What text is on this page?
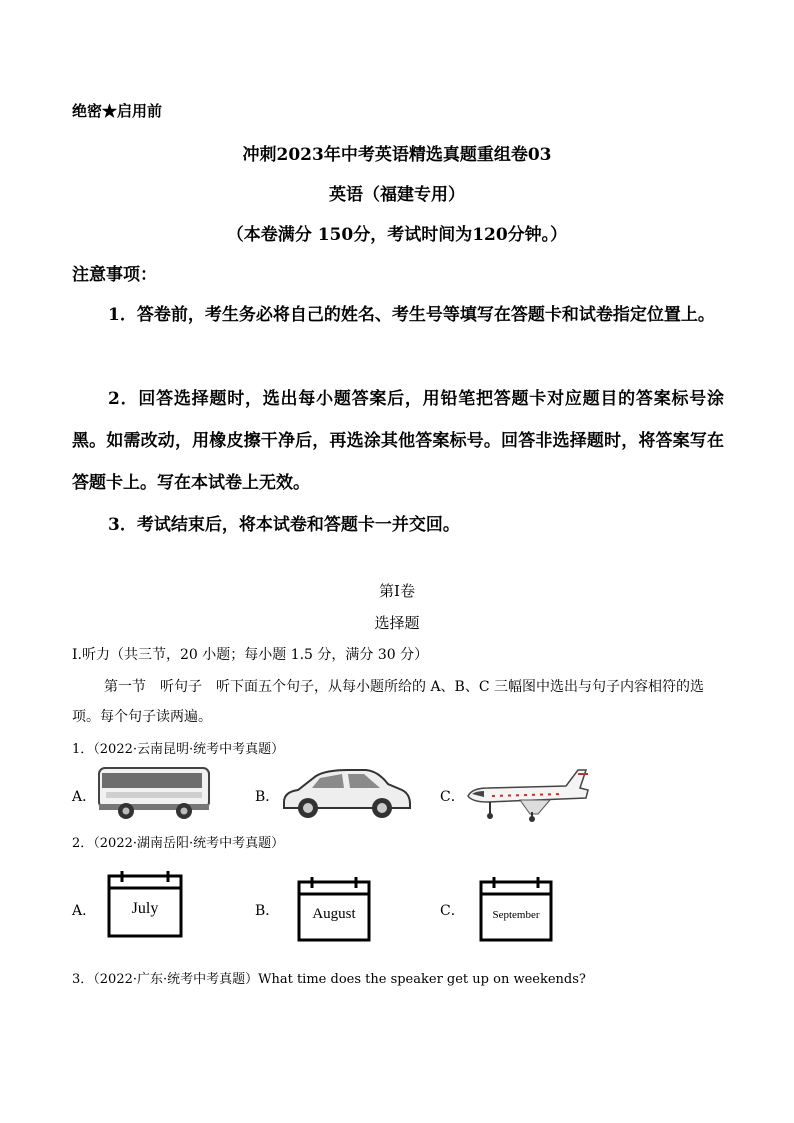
绝密★启用前
冲刺2023年中考英语精选真题重组卷03
英语（福建专用）
（本卷满分 150分，考试时间为120分钟。）
注意事项：
1．答卷前，考生务必将自己的姓名、考生号等填写在答题卡和试卷指定位置上。
2．回答选择题时，选出每小题答案后，用铅笔把答题卡对应题目的答案标号涂黑。如需改动，用橡皮擦干净后，再选涂其他答案标号。回答非选择题时，将答案写在答题卡上。写在本试卷上无效。
3．考试结束后，将本试卷和答题卡一并交回。
第Ⅰ卷
选择题
Ⅰ.听力（共三节，20 小题；每小题 1.5 分，满分 30 分）
第一节　听句子　听下面五个句子，从每小题所给的 A、B、C 三幅图中选出与句子内容相符的选项。每个句子读两遍。
1．（2022·云南昆明·统考中考真题）
A．	B．	C．
2．（2022·湖南岳阳·统考中考真题）
A．	July	B．	August	C．	September
3．（2022·广东·统考中考真题）What time does the speaker get up on weekends?
